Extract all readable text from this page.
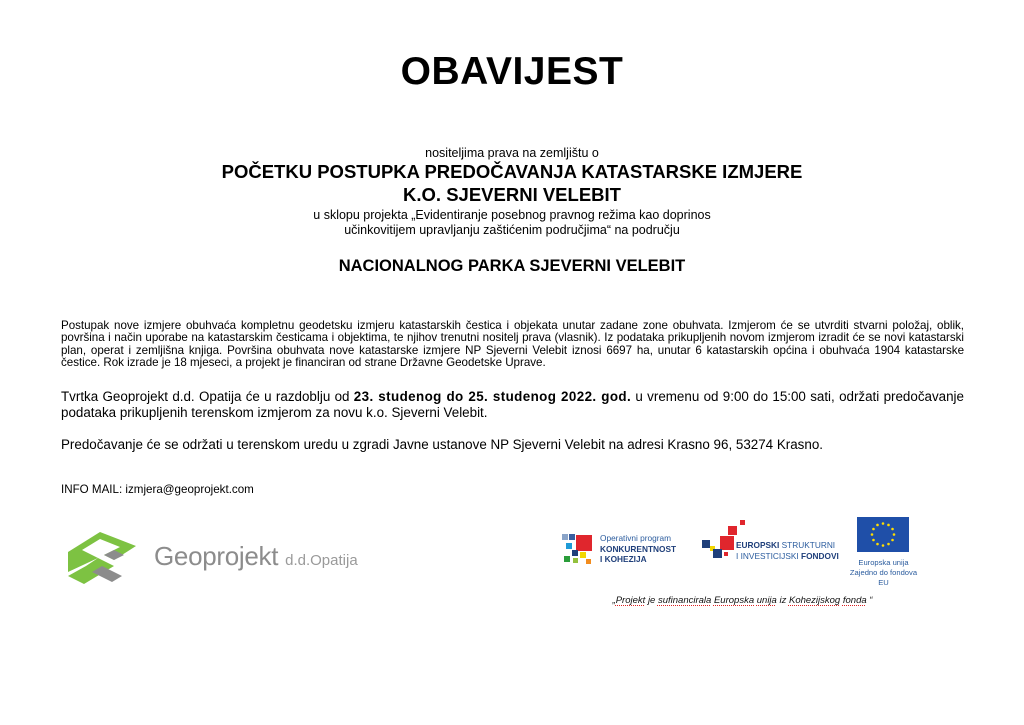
OBAVIJEST
nositeljima prava na zemljištu o
POČETKU POSTUPKA PREDOČAVANJA KATASTARSKE IZMJERE
K.O. SJEVERNI VELEBIT
u sklopu projekta „Evidentiranje posebnog pravnog režima kao doprinos
učinkovitijem upravljanju zaštićenim područjima“ na području
NACIONALNOG PARKA SJEVERNI VELEBIT
Postupak nove izmjere obuhvaća kompletnu geodetsku izmjeru katastarskih čestica i objekata unutar zadane zone obuhvata. Izmjerom će se utvrditi stvarni položaj, oblik, površina i način uporabe na katastarskim česticama i objektima, te njihov trenutni nositelj prava (vlasnik). Iz podataka prikupljenih novom izmjerom izradit će se novi katastarski plan, operat i zemljišna knjiga. Površina obuhvata nove katastarske izmjere NP Sjeverni Velebit iznosi 6697 ha, unutar 6 katastarskih općina i obuhvaća 1904 katastarske čestice. Rok izrade je 18 mjeseci, a projekt je financiran od strane Državne Geodetske Uprave.
Tvrtka Geoprojekt d.d. Opatija će u razdoblju od 23. studenog do 25. studenog 2022. god. u vremenu od 9:00 do 15:00 sati, održati predočavanje podataka prikupljenih terenskom izmjerom za novu k.o. Sjeverni Velebit.
Predočavanje će se održati u terenskom uredu u zgradi Javne ustanove NP Sjeverni Velebit na adresi Krasno 96, 53274 Krasno.
INFO MAIL: izmjera@geoprojekt.com
Geoprojekt d.d.Opatija
Operativni program
KONKURENTNOST
I KOHEZIJA
EUROPSKI STRUKTURNI
I INVESTICIJSKI FONDOVI
Europska unija
Zajedno do fondova EU
„Projekt je sufinancirala Europska unija iz Kohezijskog fonda “
